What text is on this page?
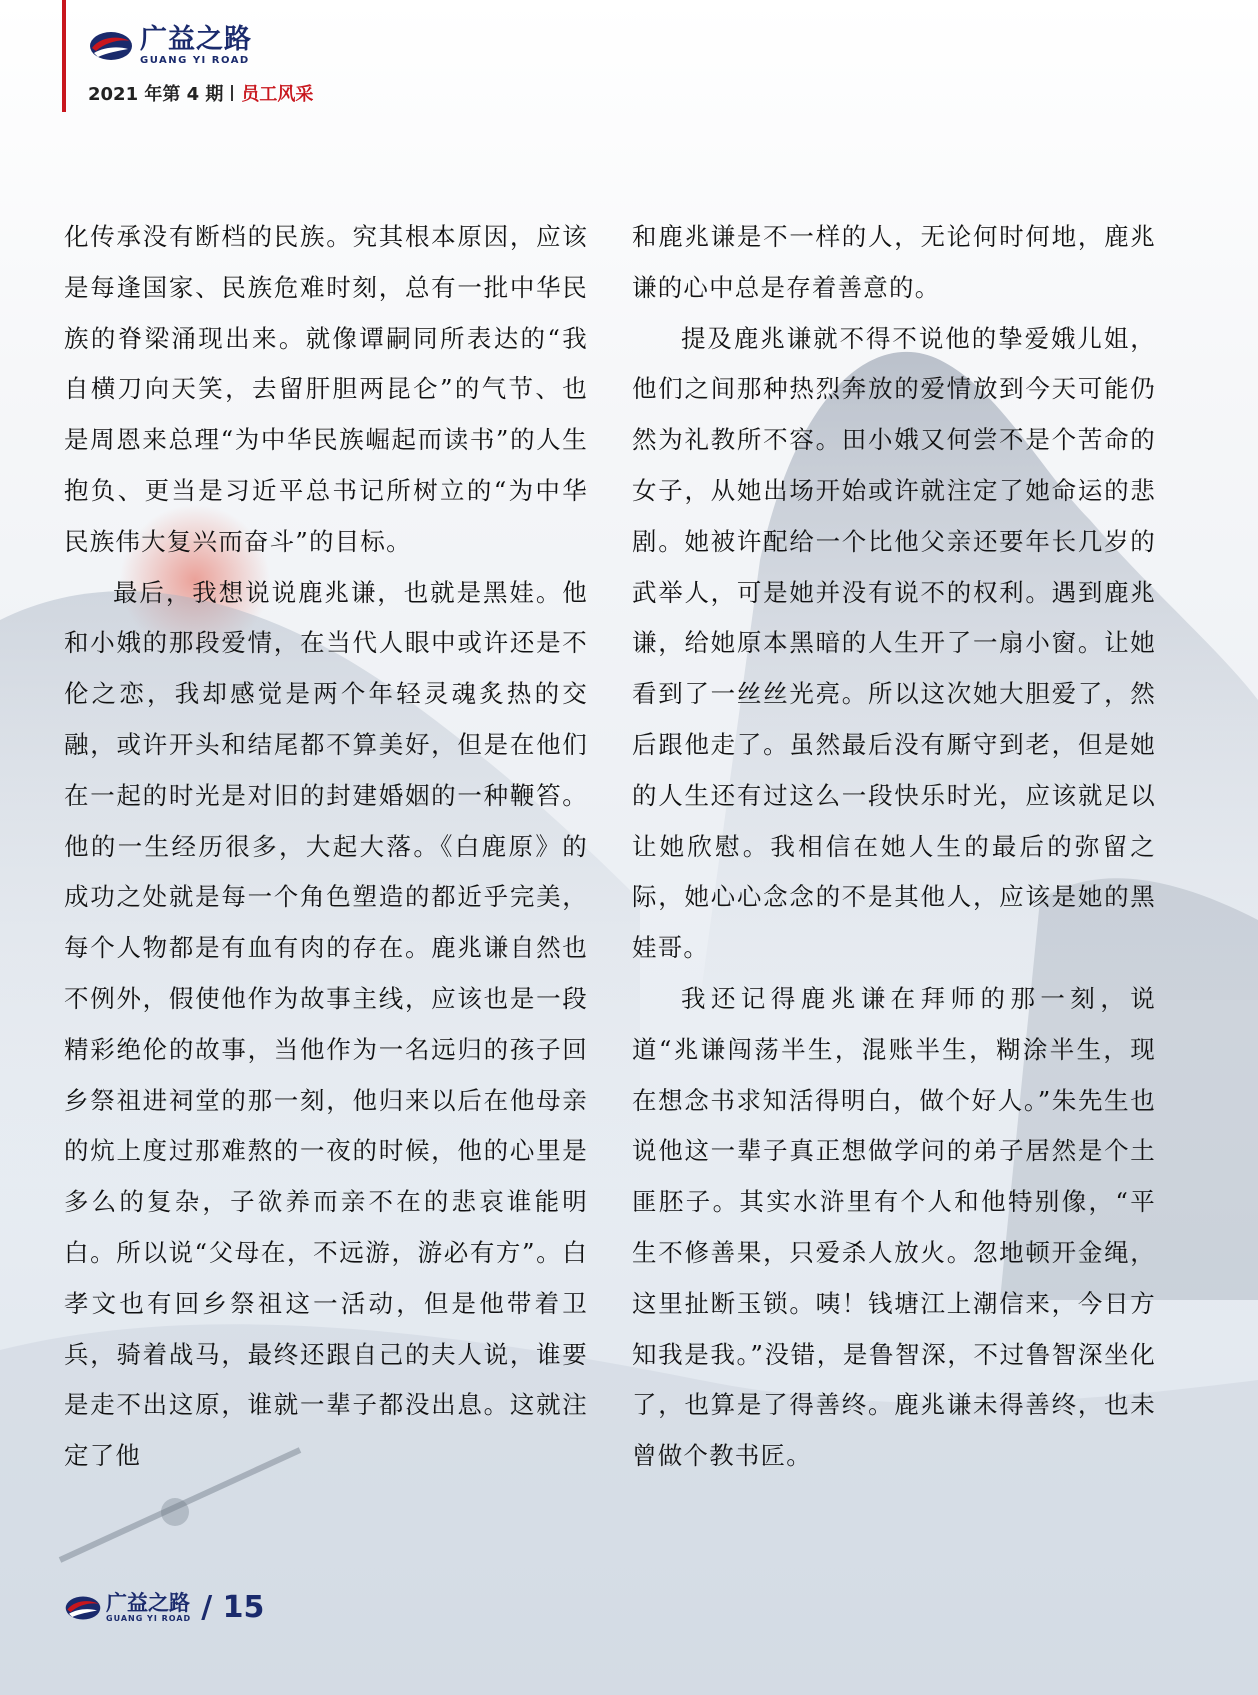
广益之路
GUANG YI ROAD
2021 年第 4 期 员工风采

化传承没有断档的民族。究其根本原因，应该是每逢国家、民族危难时刻，总有一批中华民族的脊梁涌现出来。就像谭嗣同所表达的“我自横刀向天笑，去留肝胆两昆仑”的气节、也是周恩来总理“为中华民族崛起而读书”的人生抱负、更当是习近平总书记所树立的“为中华民族伟大复兴而奋斗”的目标。

最后，我想说说鹿兆谦，也就是黑娃。他和小娥的那段爱情，在当代人眼中或许还是不伦之恋，我却感觉是两个年轻灵魂炙热的交融，或许开头和结尾都不算美好，但是在他们在一起的时光是对旧的封建婚姻的一种鞭笞。他的一生经历很多，大起大落。《白鹿原》的成功之处就是每一个角色塑造的都近乎完美，每个人物都是有血有肉的存在。鹿兆谦自然也不例外，假使他作为故事主线，应该也是一段精彩绝伦的故事，当他作为一名远归的孩子回乡祭祖进祠堂的那一刻，他归来以后在他母亲的炕上度过那难熬的一夜的时候，他的心里是多么的复杂，子欲养而亲不在的悲哀谁能明白。所以说“父母在，不远游，游必有方”。白孝文也有回乡祭祖这一活动，但是他带着卫兵，骑着战马，最终还跟自己的夫人说，谁要是走不出这原，谁就一辈子都没出息。这就注定了他

和鹿兆谦是不一样的人，无论何时何地，鹿兆谦的心中总是存着善意的。

提及鹿兆谦就不得不说他的挚爱娥儿姐，他们之间那种热烈奔放的爱情放到今天可能仍然为礼教所不容。田小娥又何尝不是个苦命的女子，从她出场开始或许就注定了她命运的悲剧。她被许配给一个比他父亲还要年长几岁的武举人，可是她并没有说不的权利。遇到鹿兆谦，给她原本黑暗的人生开了一扇小窗。让她看到了一丝丝光亮。所以这次她大胆爱了，然后跟他走了。虽然最后没有厮守到老，但是她的人生还有过这么一段快乐时光，应该就足以让她欣慰。我相信在她人生的最后的弥留之际，她心心念念的不是其他人，应该是她的黑娃哥。

我还记得鹿兆谦在拜师的那一刻，说道“兆谦闯荡半生，混账半生，糊涂半生，现在想念书求知活得明白，做个好人。”朱先生也说他这一辈子真正想做学问的弟子居然是个土匪胚子。其实水浒里有个人和他特别像，“平生不修善果，只爱杀人放火。忽地顿开金绳，这里扯断玉锁。咦！钱塘江上潮信来，今日方知我是我。”没错，是鲁智深，不过鲁智深坐化了，也算是了得善终。鹿兆谦未得善终，也未曾做个教书匠。

广益之路
GUANG YI ROAD / 15
